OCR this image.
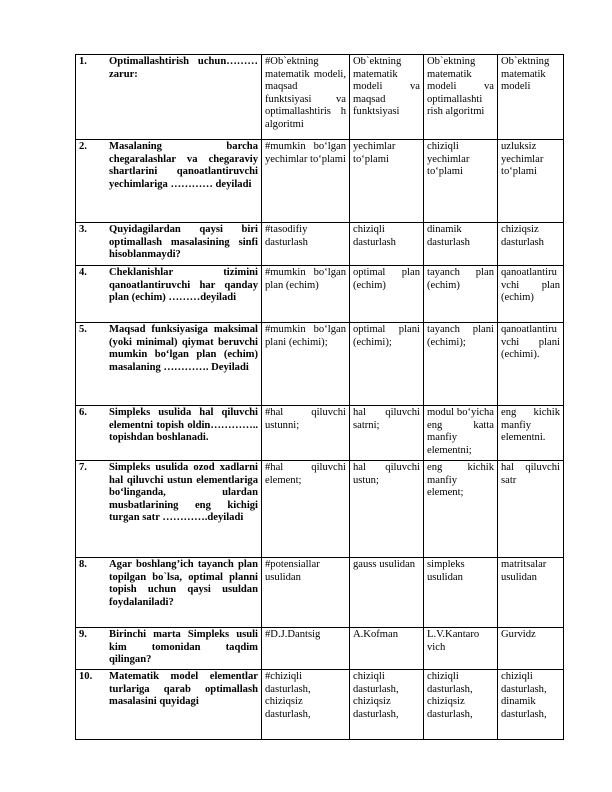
1. Optimallashtirish uchun……… zarur:	#Ob`ektning matematik modeli, maqsad funktsiyasi va optimallashtiris h algoritmi	Ob`ektning matematik modeli va maqsad funktsiyasi	Ob`ektning matematik modeli va optimallashti rish algoritmi	Ob`ektning matematik modeli
2. Masalaning barcha chegaralashlar va chegaraviy shartlarini qanoatlantiruvchi yechimlariga ………… deyiladi	#mumkin bo‘lgan yechimlar to‘plami	yechimlar to‘plami	chiziqli yechimlar to‘plami	uzluksiz yechimlar to‘plami
3. Quyidagilardan qaysi biri optimallash masalasining sinfi hisoblanmaydi?	#tasodifiy dasturlash	chiziqli dasturlash	dinamik dasturlash	chiziqsiz dasturlash
4. Cheklanishlar tizimini qanoatlantiruvchi har qanday plan (echim) ………deyiladi	#mumkin bo‘lgan plan (echim)	optimal plan (echim)	tayanch plan (echim)	qanoatlantiru vchi plan (echim)
5. Maqsad funksiyasiga maksimal (yoki minimal) qiymat beruvchi mumkin bo‘lgan plan (echim) masalaning …………. Deyiladi	#mumkin bo‘lgan plani (echimi);	optimal plani (echimi);	tayanch plani (echimi);	qanoatlantiru vchi plani (echimi).
6. Simpleks usulida hal qiluvchi elementni topish oldin………….. topishdan boshlanadi.	#hal qiluvchi ustunni;	hal qiluvchi satrni;	modul bo‘yicha eng katta manfiy elementni;	eng kichik manfiy elementni.
7. Simpleks usulida ozod xadlarni hal qiluvchi ustun elementlariga bo‘linganda, ulardan musbatlarining eng kichigi turgan satr ………….deyiladi	#hal qiluvchi element;	hal qiluvchi ustun;	eng kichik manfiy element;	hal qiluvchi satr
8. Agar boshlang’ich tayanch plan topilgan bo`lsa, optimal planni topish uchun qaysi usuldan foydalaniladi?	#potensiallar usulidan	gauss usulidan	simpleks usulidan	matritsalar usulidan
9. Birinchi marta Simpleks usuli kim tomonidan taqdim qilingan?	#D.J.Dantsig	A.Kofman	L.V.Kantaro vich	Gurvidz
10. Matematik model elementlar turlariga qarab optimallash masalasini quyidagi	#chiziqli dasturlash, chiziqsiz dasturlash,	chiziqli dasturlash, chiziqsiz dasturlash,	chiziqli dasturlash, chiziqsiz dasturlash,	chiziqli dasturlash, dinamik dasturlash,
